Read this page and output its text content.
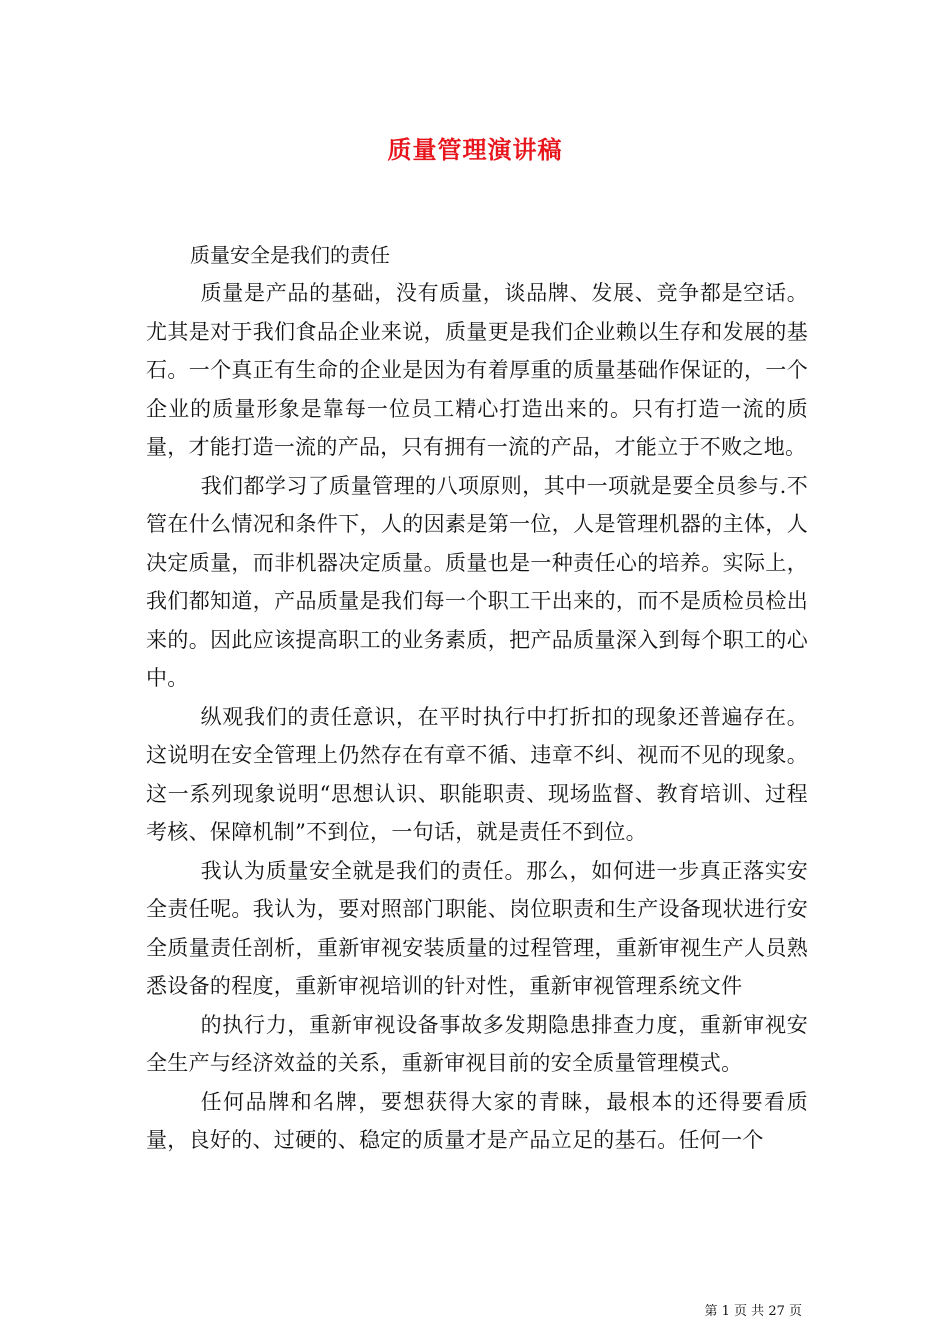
质量管理演讲稿

质量安全是我们的责任

质量是产品的基础，没有质量，谈品牌、发展、竞争都是空话。尤其是对于我们食品企业来说，质量更是我们企业赖以生存和发展的基石。一个真正有生命的企业是因为有着厚重的质量基础作保证的，一个企业的质量形象是靠每一位员工精心打造出来的。只有打造一流的质量，才能打造一流的产品，只有拥有一流的产品，才能立于不败之地。

我们都学习了质量管理的八项原则，其中一项就是要全员参与.不管在什么情况和条件下，人的因素是第一位，人是管理机器的主体，人决定质量，而非机器决定质量。质量也是一种责任心的培养。实际上，我们都知道，产品质量是我们每一个职工干出来的，而不是质检员检出来的。因此应该提高职工的业务素质，把产品质量深入到每个职工的心中。

纵观我们的责任意识，在平时执行中打折扣的现象还普遍存在。这说明在安全管理上仍然存在有章不循、违章不纠、视而不见的现象。这一系列现象说明“思想认识、职能职责、现场监督、教育培训、过程考核、保障机制”不到位，一句话，就是责任不到位。

我认为质量安全就是我们的责任。那么，如何进一步真正落实安全责任呢。我认为，要对照部门职能、岗位职责和生产设备现状进行安全质量责任剖析，重新审视安装质量的过程管理，重新审视生产人员熟悉设备的程度，重新审视培训的针对性，重新审视管理系统文件

的执行力，重新审视设备事故多发期隐患排查力度，重新审视安全生产与经济效益的关系，重新审视目前的安全质量管理模式。

任何品牌和名牌，要想获得大家的青睐，最根本的还得要看质量，良好的、过硬的、稳定的质量才是产品立足的基石。任何一个

第 1 页 共 27 页
